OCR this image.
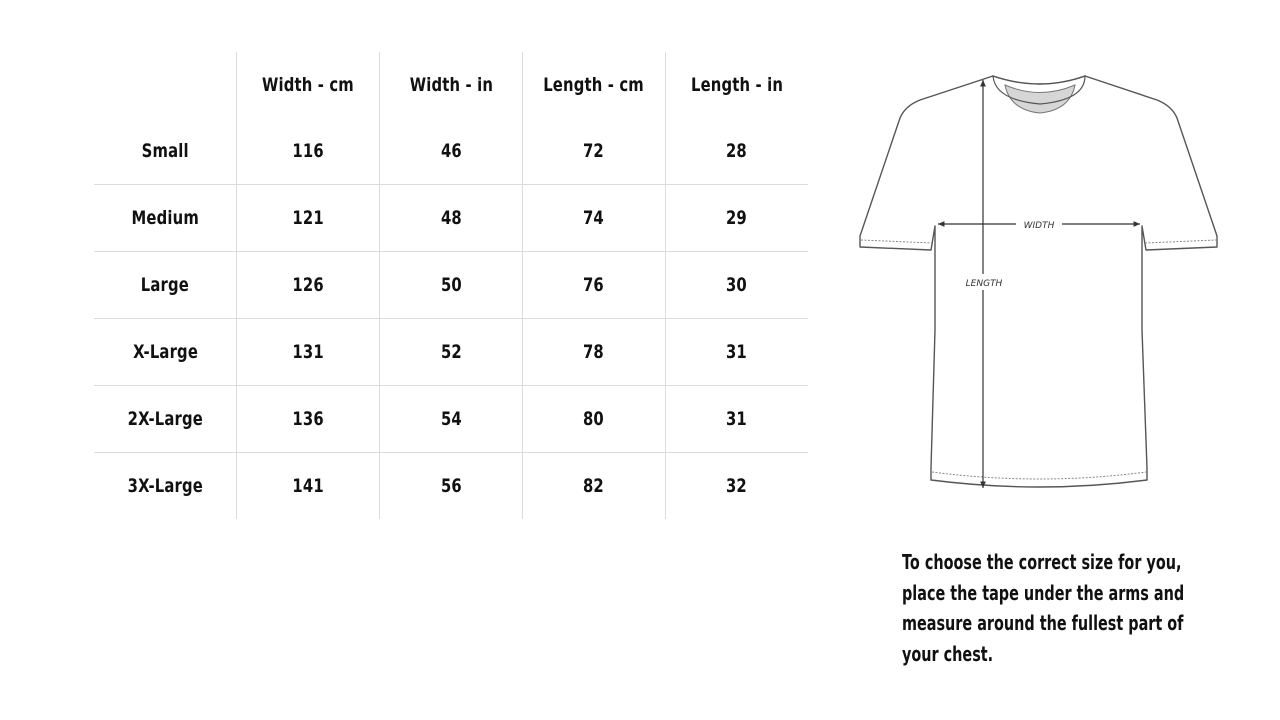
	Width - cm	Width - in	Length - cm	Length - in
Small	116	46	72	28
Medium	121	48	74	29
Large	126	50	76	30
X-Large	131	52	78	31
2X-Large	136	54	80	31
3X-Large	141	56	82	32
WIDTH
LENGTH
To choose the correct size for you,
place the tape under the arms and
measure around the fullest part of
your chest.
